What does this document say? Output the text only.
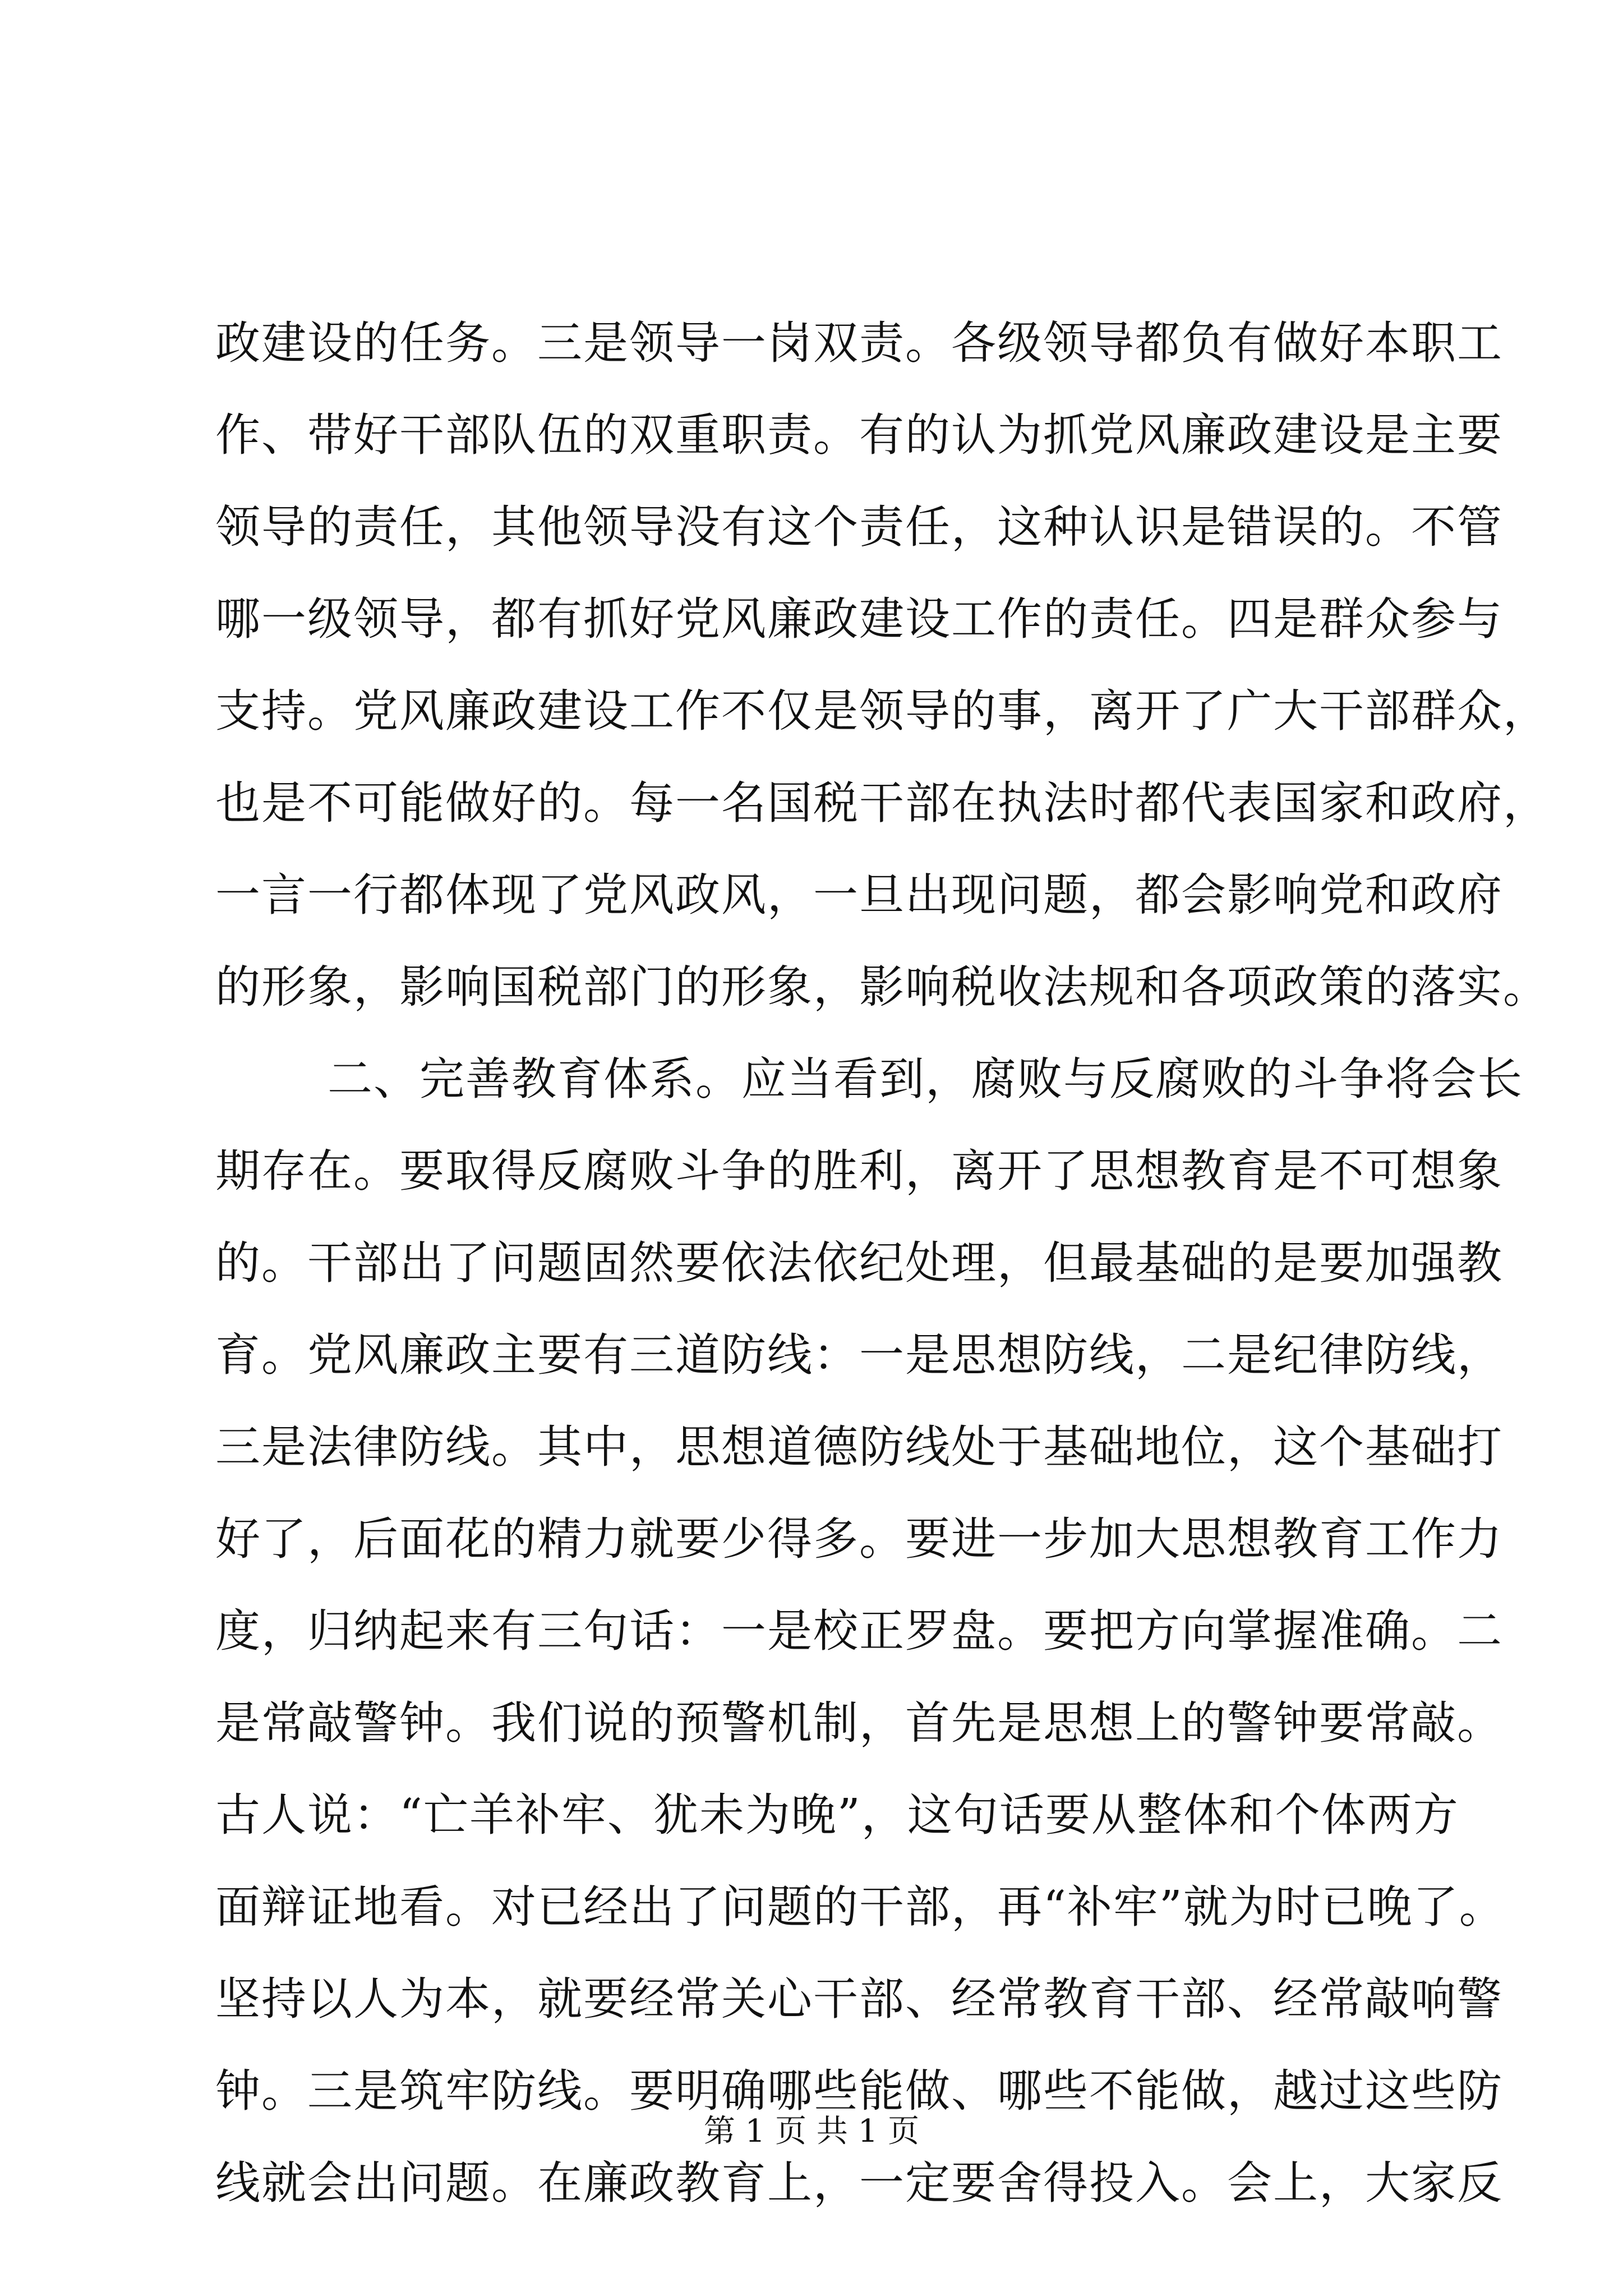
政建设的任务。三是领导一岗双责。各级领导都负有做好本职工
作、带好干部队伍的双重职责。有的认为抓党风廉政建设是主要
领导的责任，其他领导没有这个责任，这种认识是错误的。不管
哪一级领导，都有抓好党风廉政建设工作的责任。四是群众参与
支持。党风廉政建设工作不仅是领导的事，离开了广大干部群众，
也是不可能做好的。每一名国税干部在执法时都代表国家和政府，
一言一行都体现了党风政风，一旦出现问题，都会影响党和政府
的形象，影响国税部门的形象，影响税收法规和各项政策的落实。
二、完善教育体系。应当看到，腐败与反腐败的斗争将会长
期存在。要取得反腐败斗争的胜利，离开了思想教育是不可想象
的。干部出了问题固然要依法依纪处理，但最基础的是要加强教
育。党风廉政主要有三道防线：一是思想防线，二是纪律防线，
三是法律防线。其中，思想道德防线处于基础地位，这个基础打
好了，后面花的精力就要少得多。要进一步加大思想教育工作力
度，归纳起来有三句话：一是校正罗盘。要把方向掌握准确。二
是常敲警钟。我们说的预警机制，首先是思想上的警钟要常敲。
古人说：“亡羊补牢、犹未为晚”，这句话要从整体和个体两方
面辩证地看。对已经出了问题的干部，再“补牢”就为时已晚了。
坚持以人为本，就要经常关心干部、经常教育干部、经常敲响警
钟。三是筑牢防线。要明确哪些能做、哪些不能做，越过这些防
线就会出问题。在廉政教育上，一定要舍得投入。会上，大家反
第 1 页 共 1 页
